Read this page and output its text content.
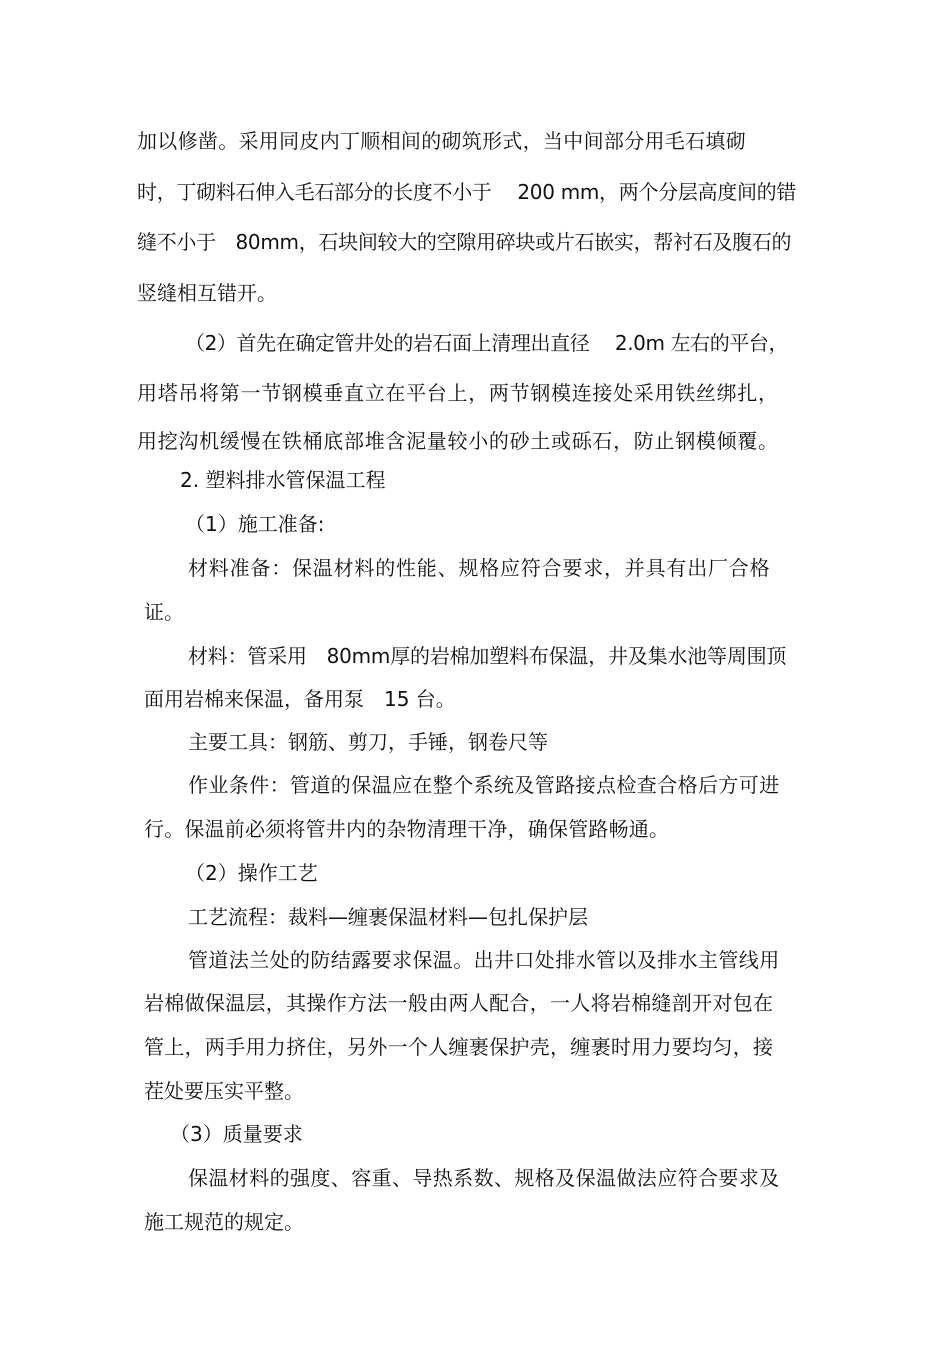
加以修凿。采用同皮内丁顺相间的砌筑形式，当中间部分用毛石填砌

时，丁砌料石伸入毛石部分的长度不小于　 200 mm，两个分层高度间的错

缝不小于　80mm，石块间较大的空隙用碎块或片石嵌实，帮衬石及腹石的

竖缝相互错开。

（2）首先在确定管井处的岩石面上清理出直径　 2.0m 左右的平台，

用塔吊将第一节钢模垂直立在平台上，两节钢模连接处采用铁丝绑扎，

用挖沟机缓慢在铁桶底部堆含泥量较小的砂土或砾石，防止钢模倾覆。

2. 塑料排水管保温工程

（1）施工准备:

材料准备：保温材料的性能、规格应符合要求，并具有出厂合格

证。

材料：管采用　80mm厚的岩棉加塑料布保温，井及集水池等周围顶

面用岩棉来保温，备用泵　15 台。

主要工具：钢筋、剪刀，手锤，钢卷尺等

作业条件：管道的保温应在整个系统及管路接点检查合格后方可进

行。保温前必须将管井内的杂物清理干净，确保管路畅通。

（2）操作工艺

工艺流程：裁料—缠裹保温材料—包扎保护层

管道法兰处的防结露要求保温。出井口处排水管以及排水主管线用

岩棉做保温层，其操作方法一般由两人配合，一人将岩棉缝剖开对包在

管上，两手用力挤住，另外一个人缠裹保护壳，缠裹时用力要均匀，接

茬处要压实平整。

（3）质量要求

保温材料的强度、容重、导热系数、规格及保温做法应符合要求及

施工规范的规定。
